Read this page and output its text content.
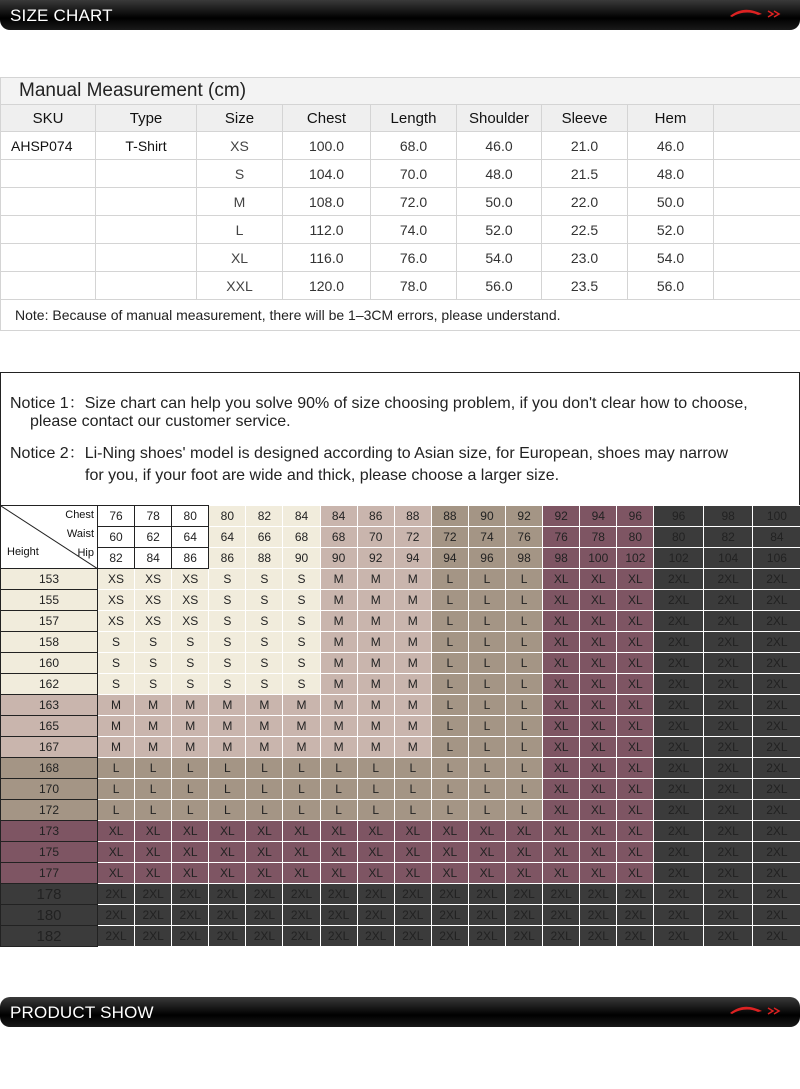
SIZE CHART
Manual Measurement (cm)								
SKU	Type	Size	Chest	Length	Shoulder	Sleeve	Hem	
AHSP074	T-Shirt	XS	100.0	68.0	46.0	21.0	46.0	
		S	104.0	70.0	48.0	21.5	48.0	
		M	108.0	72.0	50.0	22.0	50.0	
		L	112.0	74.0	52.0	22.5	52.0	
		XL	116.0	76.0	54.0	23.0	54.0	
		XXL	120.0	78.0	56.0	23.5	56.0	
Note: Because of manual measurement, there will be 1–3CM errors, please understand.								

Notice 1：Size chart can help you solve 90% of size choosing problem, if you don't clear how to choose,

please contact our customer service.

Notice 2：Li-Ning shoes' model is designed according to Asian size, for European, shoes may narrow

for you, if your foot are wide and thick, please choose a larger size.

Chest
Waist
Hip
Height	76	78	80	80	82	84	84	86	88	88	90	92	92	94	96	96	98	100
	60	62	64	64	66	68	68	70	72	72	74	76	76	78	80	80	82	84
	82	84	86	86	88	90	90	92	94	94	96	98	98	100	102	102	104	106
153	XS	XS	XS	S	S	S	M	M	M	L	L	L	XL	XL	XL	2XL	2XL	2XL
155	XS	XS	XS	S	S	S	M	M	M	L	L	L	XL	XL	XL	2XL	2XL	2XL
157	XS	XS	XS	S	S	S	M	M	M	L	L	L	XL	XL	XL	2XL	2XL	2XL
158	S	S	S	S	S	S	M	M	M	L	L	L	XL	XL	XL	2XL	2XL	2XL
160	S	S	S	S	S	S	M	M	M	L	L	L	XL	XL	XL	2XL	2XL	2XL
162	S	S	S	S	S	S	M	M	M	L	L	L	XL	XL	XL	2XL	2XL	2XL
163	M	M	M	M	M	M	M	M	M	L	L	L	XL	XL	XL	2XL	2XL	2XL
165	M	M	M	M	M	M	M	M	M	L	L	L	XL	XL	XL	2XL	2XL	2XL
167	M	M	M	M	M	M	M	M	M	L	L	L	XL	XL	XL	2XL	2XL	2XL
168	L	L	L	L	L	L	L	L	L	L	L	L	XL	XL	XL	2XL	2XL	2XL
170	L	L	L	L	L	L	L	L	L	L	L	L	XL	XL	XL	2XL	2XL	2XL
172	L	L	L	L	L	L	L	L	L	L	L	L	XL	XL	XL	2XL	2XL	2XL
173	XL	XL	XL	XL	XL	XL	XL	XL	XL	XL	XL	XL	XL	XL	XL	2XL	2XL	2XL
175	XL	XL	XL	XL	XL	XL	XL	XL	XL	XL	XL	XL	XL	XL	XL	2XL	2XL	2XL
177	XL	XL	XL	XL	XL	XL	XL	XL	XL	XL	XL	XL	XL	XL	XL	2XL	2XL	2XL
178	2XL	2XL	2XL	2XL	2XL	2XL	2XL	2XL	2XL	2XL	2XL	2XL	2XL	2XL	2XL	2XL	2XL	2XL
180	2XL	2XL	2XL	2XL	2XL	2XL	2XL	2XL	2XL	2XL	2XL	2XL	2XL	2XL	2XL	2XL	2XL	2XL
182	2XL	2XL	2XL	2XL	2XL	2XL	2XL	2XL	2XL	2XL	2XL	2XL	2XL	2XL	2XL	2XL	2XL	2XL
PRODUCT SHOW
